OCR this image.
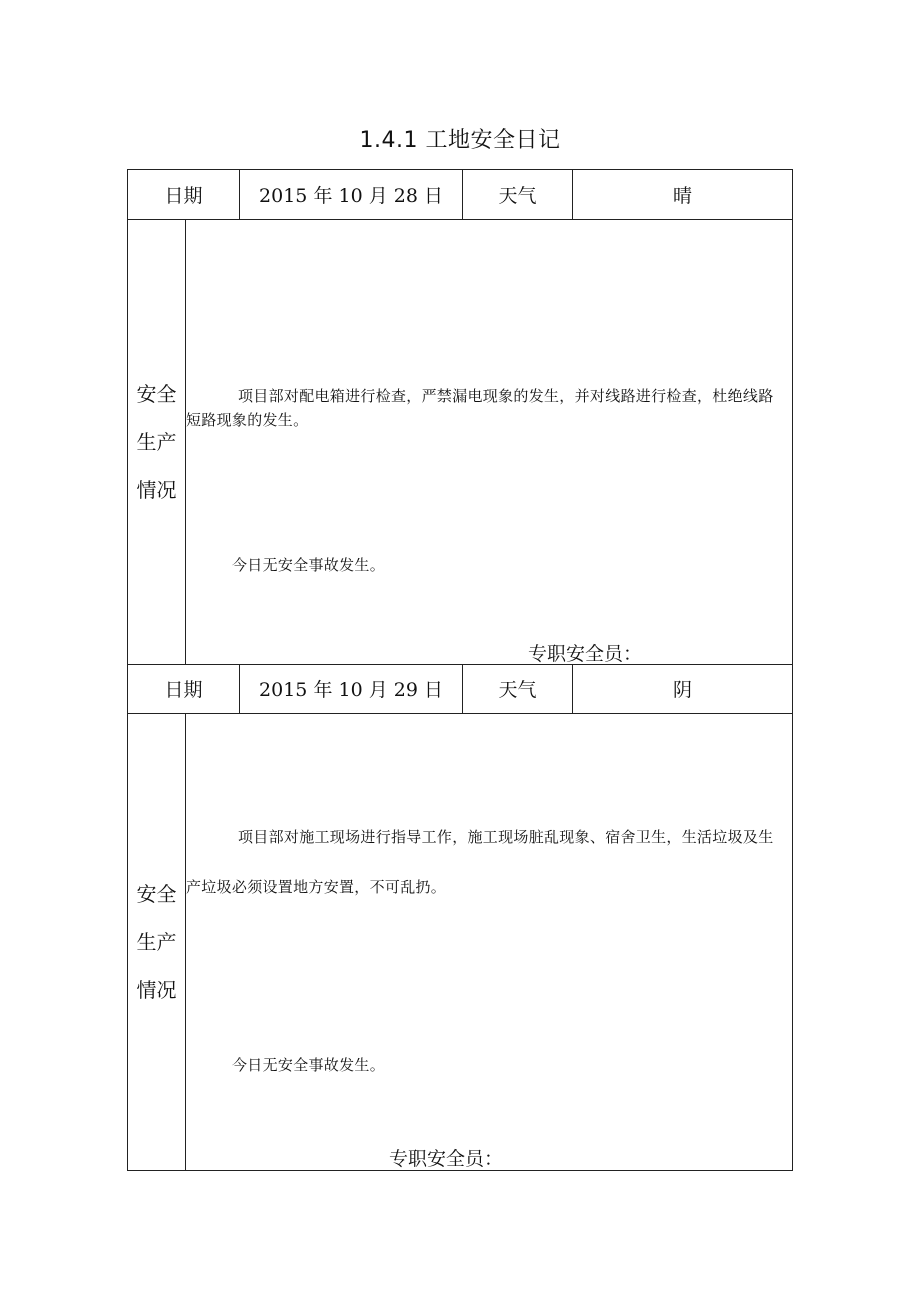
1.4.1 工地安全日记
日期	2015 年 10 月 28 日	天气	晴
安全
生产
情况

项目部对配电箱进行检查，严禁漏电现象的发生，并对线路进行检查，杜绝线路短路现象的发生。

今日无安全事故发生。

专职安全员：

日期	2015 年 10 月 29 日	天气	阴
安全
生产
情况

项目部对施工现场进行指导工作，施工现场脏乱现象、宿舍卫生，生活垃圾及生产垃圾必须设置地方安置，不可乱扔。

今日无安全事故发生。

专职安全员：
